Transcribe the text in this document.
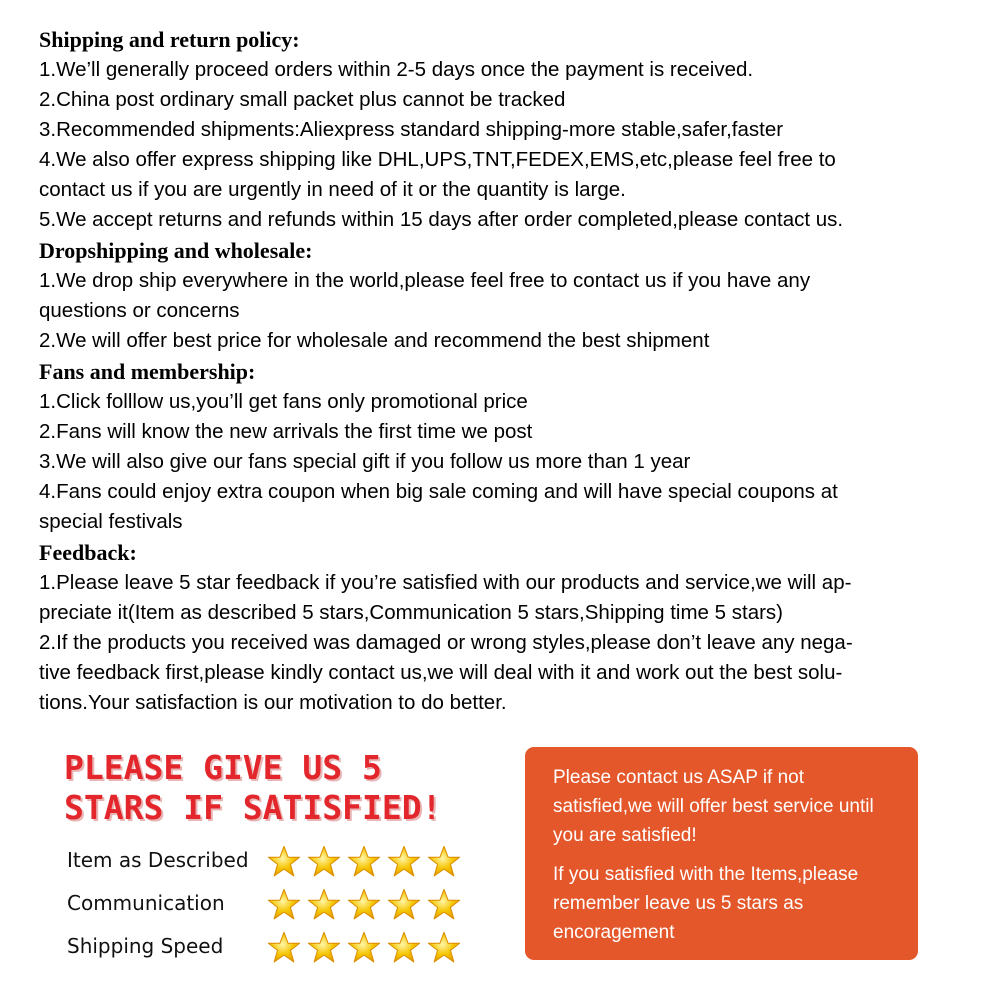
Shipping and return policy:

1.We’ll generally proceed orders within 2-5 days once the payment is received.

2.China post ordinary small packet plus cannot be tracked

3.Recommended shipments:Aliexpress standard shipping-more stable,safer,faster

4.We also offer express shipping like DHL,UPS,TNT,FEDEX,EMS,etc,please feel free to

contact us if you are urgently in need of it or the quantity is large.

5.We accept returns and refunds within 15 days after order completed,please contact us.

Dropshipping and wholesale:

1.We drop ship everywhere in the world,please feel free to contact us if you have any

questions or concerns

2.We will offer best price for wholesale and recommend the best shipment

Fans and membership:

1.Click folllow us,you’ll get fans only promotional price

2.Fans will know the new arrivals the first time we post

3.We will also give our fans special gift if you follow us more than 1 year

4.Fans could enjoy extra coupon when big sale coming and will have special coupons at

special festivals

Feedback:

1.Please leave 5 star feedback if you’re satisfied with our products and service,we will ap-

preciate it(Item as described 5 stars,Communication 5 stars,Shipping time 5 stars)

2.If the products you received was damaged or wrong styles,please don’t leave any nega-

tive feedback first,please kindly contact us,we will deal with it and work out the best solu-

tions.Your satisfaction is our motivation to do better.

PLEASE GIVE US 5
STARS IF SATISFIED!
Item as Described
Communication
Shipping Speed

Please contact us ASAP if not satisfied,we will offer best service until you are satisfied!

If you satisfied with the Items,please remember leave us 5 stars as encoragement
